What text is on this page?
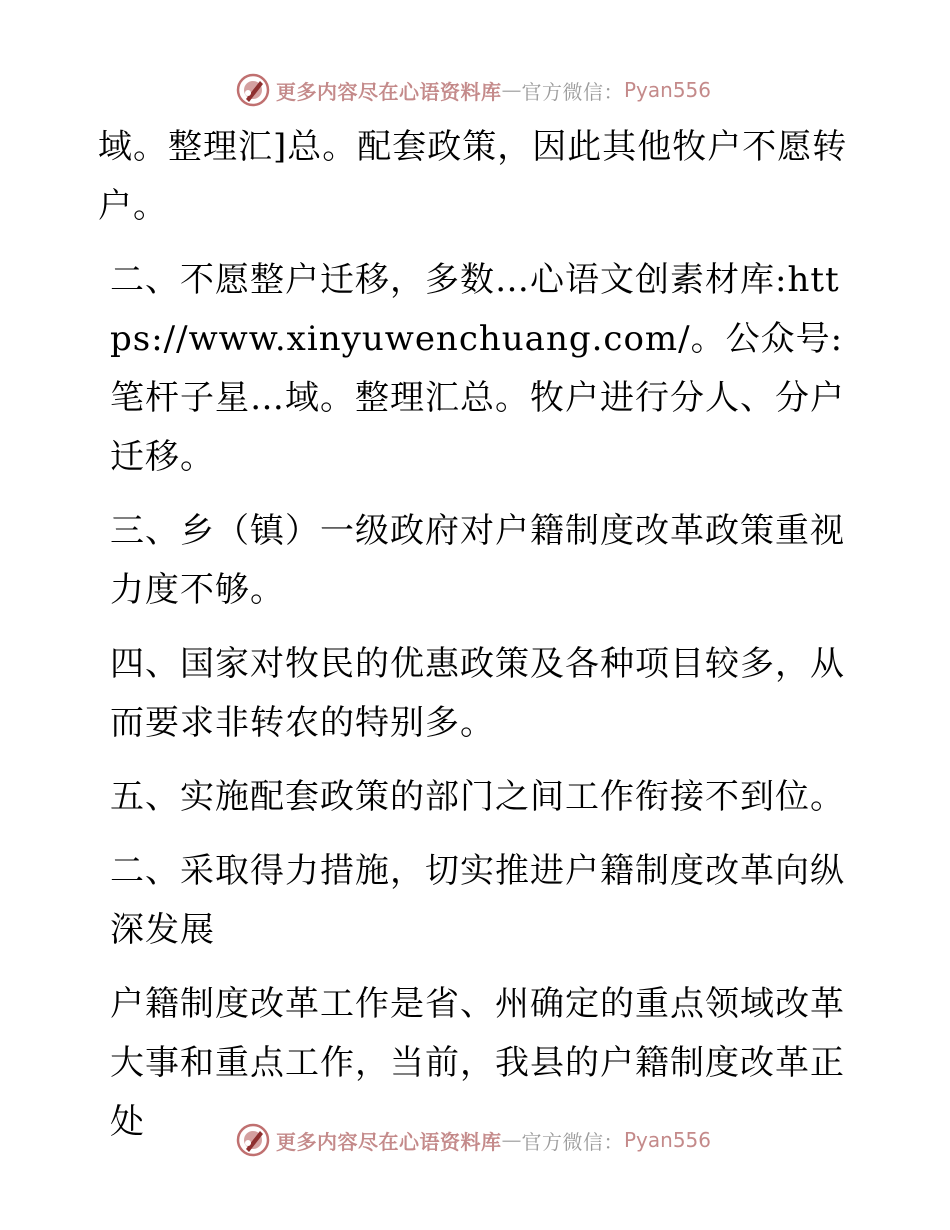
更多内容尽在心语资料库 — 官方微信： Pyan556

域。整理汇]总。配套政策，因此其他牧户不愿转户。

二、不愿整户迁移，多数…心语文创素材库:https://www.xinyuwenchuang.com/。公众号: 笔杆子星…域。整理汇总。牧户进行分人、分户迁移。

三、乡（镇）一级政府对户籍制度改革政策重视力度不够。

四、国家对牧民的优惠政策及各种项目较多，从而要求非转农的特别多。

五、实施配套政策的部门之间工作衔接不到位。

二、采取得力措施，切实推进户籍制度改革向纵深发展

户籍制度改革工作是省、州确定的重点领域改革大事和重点工作，当前，我县的户籍制度改革正处	更多内容尽在心语资料库 — 官方微信： Pyan556
